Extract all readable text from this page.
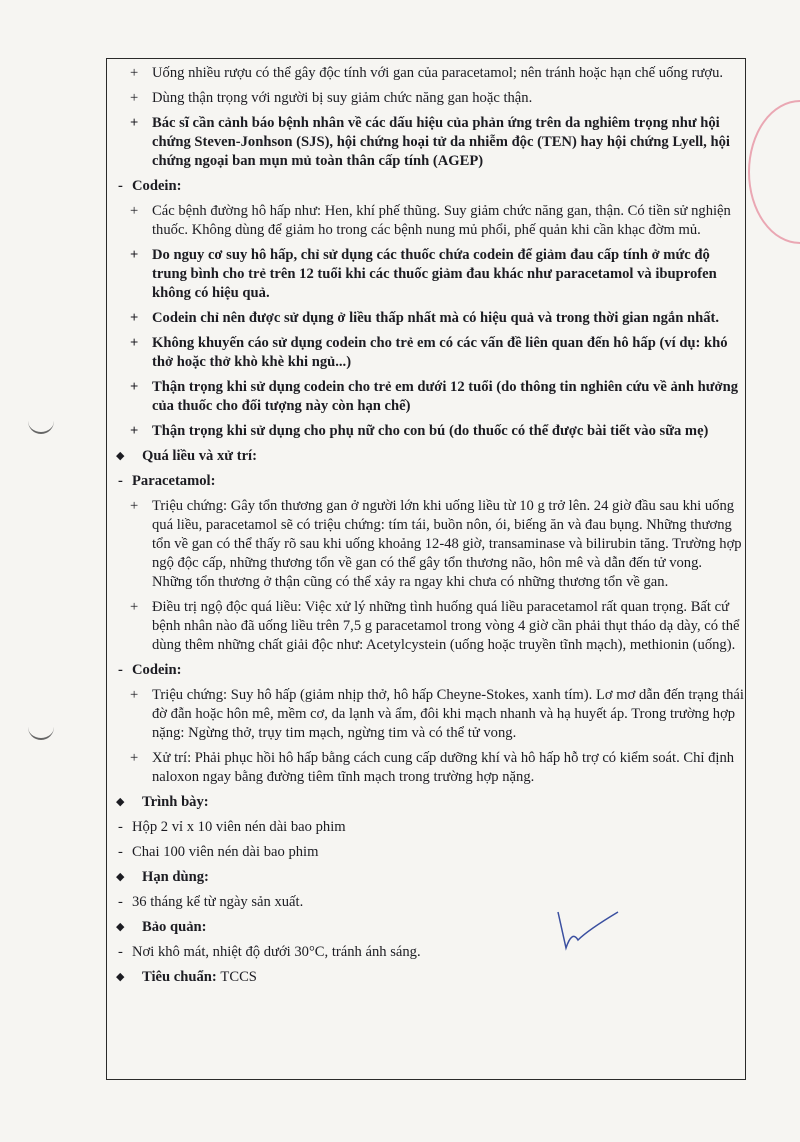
+ Uống nhiều rượu có thể gây độc tính với gan của paracetamol; nên tránh hoặc hạn chế uống rượu.
+ Dùng thận trọng với người bị suy giảm chức năng gan hoặc thận.
+ Bác sĩ cần cảnh báo bệnh nhân về các dấu hiệu của phản ứng trên da nghiêm trọng như hội chứng Steven-Jonhson (SJS), hội chứng hoại tử da nhiễm độc (TEN) hay hội chứng Lyell, hội chứng ngoại ban mụn mủ toàn thân cấp tính (AGEP)
- Codein:
+ Các bệnh đường hô hấp như: Hen, khí phế thũng. Suy giảm chức năng gan, thận. Có tiền sử nghiện thuốc. Không dùng để giảm ho trong các bệnh nung mủ phổi, phế quản khi cần khạc đờm mủ.
+ Do nguy cơ suy hô hấp, chỉ sử dụng các thuốc chứa codein để giảm đau cấp tính ở mức độ trung bình cho trẻ trên 12 tuổi khi các thuốc giảm đau khác như paracetamol và ibuprofen không có hiệu quả.
+ Codein chỉ nên được sử dụng ở liều thấp nhất mà có hiệu quả và trong thời gian ngắn nhất.
+ Không khuyến cáo sử dụng codein cho trẻ em có các vấn đề liên quan đến hô hấp (ví dụ: khó thở hoặc thở khò khè khi ngủ...)
+ Thận trọng khi sử dụng codein cho trẻ em dưới 12 tuổi (do thông tin nghiên cứu về ảnh hưởng của thuốc cho đối tượng này còn hạn chế)
+ Thận trọng khi sử dụng cho phụ nữ cho con bú (do thuốc có thể được bài tiết vào sữa mẹ)
◆ Quá liều và xử trí:
- Paracetamol:
+ Triệu chứng: Gây tổn thương gan ở người lớn khi uống liều từ 10 g trở lên. 24 giờ đầu sau khi uống quá liều, paracetamol sẽ có triệu chứng: tím tái, buồn nôn, ói, biếng ăn và đau bụng. Những thương tổn về gan có thể thấy rõ sau khi uống khoảng 12-48 giờ, transaminase và bilirubin tăng. Trường hợp ngộ độc cấp, những thương tổn về gan có thể gây tổn thương não, hôn mê và dẫn đến tử vong. Những tổn thương ở thận cũng có thể xảy ra ngay khi chưa có những thương tổn về gan.
+ Điều trị ngộ độc quá liều: Việc xử lý những tình huống quá liều paracetamol rất quan trọng. Bất cứ bệnh nhân nào đã uống liều trên 7,5 g paracetamol trong vòng 4 giờ cần phải thụt tháo dạ dày, có thể dùng thêm những chất giải độc như: Acetylcystein (uống hoặc truyền tĩnh mạch), methionin (uống).
- Codein:
+ Triệu chứng: Suy hô hấp (giảm nhịp thở, hô hấp Cheyne-Stokes, xanh tím). Lơ mơ dẫn đến trạng thái đờ đẫn hoặc hôn mê, mềm cơ, da lạnh và ẩm, đôi khi mạch nhanh và hạ huyết áp. Trong trường hợp nặng: Ngừng thở, trụy tim mạch, ngừng tim và có thể tử vong.
+ Xử trí: Phải phục hồi hô hấp bằng cách cung cấp dưỡng khí và hô hấp hỗ trợ có kiểm soát. Chỉ định naloxon ngay bằng đường tiêm tĩnh mạch trong trường hợp nặng.
◆ Trình bày:
- Hộp 2 vỉ x 10 viên nén dài bao phim
- Chai 100 viên nén dài bao phim
◆ Hạn dùng:
- 36 tháng kể từ ngày sản xuất.
◆ Bảo quản:
- Nơi khô mát, nhiệt độ dưới 30°C, tránh ánh sáng.
◆ Tiêu chuẩn: TCCS
